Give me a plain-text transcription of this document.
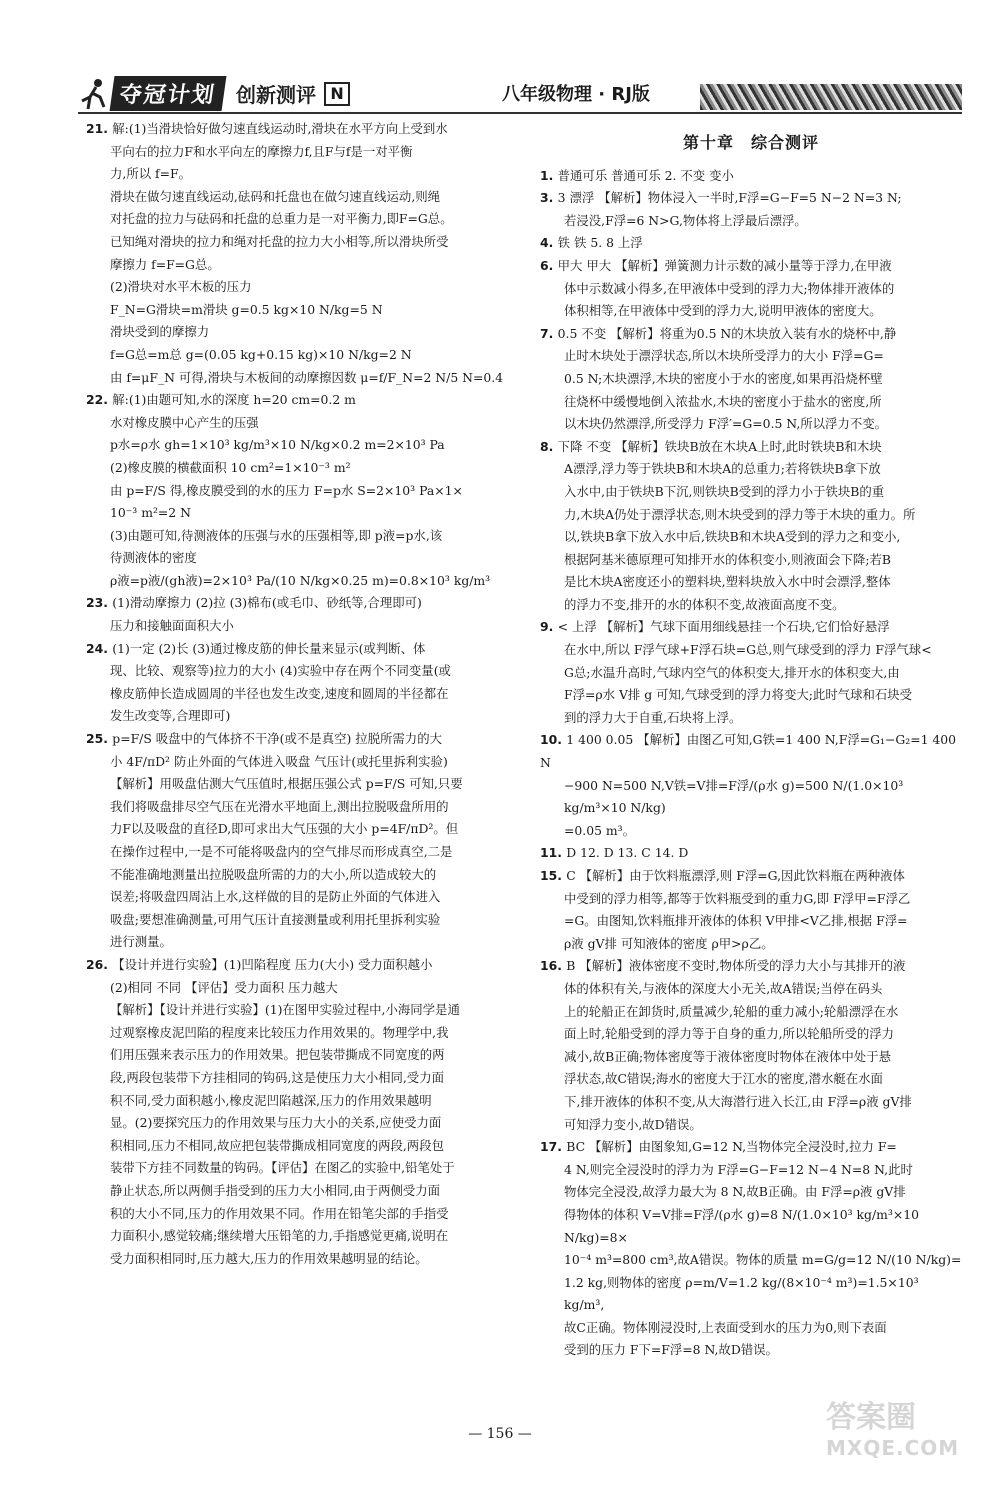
夺冠计划 创新测评 N	八年级物理 · RJ版
21. 解:(1)当滑块恰好做匀速直线运动时,滑块在水平方向上受到水
平向右的拉力F和水平向左的摩擦力f,且F与f是一对平衡
力,所以 f=F。
滑块在做匀速直线运动,砝码和托盘也在做匀速直线运动,则绳
对托盘的拉力与砝码和托盘的总重力是一对平衡力,即F=G总。
已知绳对滑块的拉力和绳对托盘的拉力大小相等,所以滑块所受
摩擦力 f=F=G总。
(2)滑块对水平木板的压力
F_N=G滑块=m滑块 g=0.5 kg×10 N/kg=5 N
滑块受到的摩擦力
f=G总=m总 g=(0.05 kg+0.15 kg)×10 N/kg=2 N
由 f=μF_N 可得,滑块与木板间的动摩擦因数 μ=f/F_N=2 N/5 N=0.4
22. 解:(1)由题可知,水的深度 h=20 cm=0.2 m
水对橡皮膜中心产生的压强
p水=ρ水 gh=1×10³ kg/m³×10 N/kg×0.2 m=2×10³ Pa
(2)橡皮膜的横截面积 10 cm²=1×10⁻³ m²
由 p=F/S 得,橡皮膜受到的水的压力 F=p水 S=2×10³ Pa×1×
10⁻³ m²=2 N
(3)由题可知,待测液体的压强与水的压强相等,即 p液=p水,该
待测液体的密度
ρ液=p液/(gh液)=2×10³ Pa/(10 N/kg×0.25 m)=0.8×10³ kg/m³
23. (1)滑动摩擦力 (2)拉 (3)棉布(或毛巾、砂纸等,合理即可)
压力和接触面面积大小
24. (1)一定 (2)长 (3)通过橡皮筋的伸长量来显示(或判断、体
现、比较、观察等)拉力的大小 (4)实验中存在两个不同变量(或
橡皮筋伸长造成圆周的半径也发生改变,速度和圆周的半径都在
发生改变等,合理即可)
25. p=F/S 吸盘中的气体挤不干净(或不是真空) 拉脱所需力的大
小 4F/πD² 防止外面的气体进入吸盘 气压计(或托里拆利实验)
【解析】用吸盘估测大气压值时,根据压强公式 p=F/S 可知,只要
我们将吸盘排尽空气压在光滑水平地面上,测出拉脱吸盘所用的
力F以及吸盘的直径D,即可求出大气压强的大小 p=4F/πD²。但
在操作过程中,一是不可能将吸盘内的空气排尽而形成真空,二是
不能准确地测量出拉脱吸盘所需的力的大小,所以造成较大的
误差;将吸盘四周沾上水,这样做的目的是防止外面的气体进入
吸盘;要想准确测量,可用气压计直接测量或利用托里拆利实验
进行测量。
26. 【设计并进行实验】(1)凹陷程度 压力(大小) 受力面积越小
(2)相同 不同 【评估】受力面积 压力越大
【解析】【设计并进行实验】(1)在图甲实验过程中,小海同学是通
过观察橡皮泥凹陷的程度来比较压力作用效果的。物理学中,我
们用压强来表示压力的作用效果。把包装带撕成不同宽度的两
段,两段包装带下方挂相同的钩码,这是使压力大小相同,受力面
积不同,受力面积越小,橡皮泥凹陷越深,压力的作用效果越明
显。(2)要探究压力的作用效果与压力大小的关系,应使受力面
积相同,压力不相同,故应把包装带撕成相同宽度的两段,两段包
装带下方挂不同数量的钩码。【评估】在图乙的实验中,铅笔处于
静止状态,所以两侧手指受到的压力大小相同,由于两侧受力面
积的大小不同,压力的作用效果不同。作用在铅笔尖部的手指受
力面积小,感觉较痛;继续增大压铅笔的力,手指感觉更痛,说明在
受力面积相同时,压力越大,压力的作用效果越明显的结论。
第十章　综合测评
1. 普通可乐 普通可乐 2. 不变 变小
3. 3 漂浮 【解析】物体浸入一半时,F浮=G−F=5 N−2 N=3 N;
若浸没,F浮=6 N>G,物体将上浮最后漂浮。
4. 铁 铁 5. 8 上浮
6. 甲大 甲大 【解析】弹簧测力计示数的减小量等于浮力,在甲液
体中示数减小得多,在甲液体中受到的浮力大;物体排开液体的
体积相等,在甲液体中受到的浮力大,说明甲液体的密度大。
7. 0.5 不变 【解析】将重为0.5 N的木块放入装有水的烧杯中,静
止时木块处于漂浮状态,所以木块所受浮力的大小 F浮=G=
0.5 N;木块漂浮,木块的密度小于水的密度,如果再沿烧杯壁
往烧杯中缓慢地倒入浓盐水,木块的密度小于盐水的密度,所
以木块仍然漂浮,所受浮力 F浮′=G=0.5 N,所以浮力不变。
8. 下降 不变 【解析】铁块B放在木块A上时,此时铁块B和木块
A漂浮,浮力等于铁块B和木块A的总重力;若将铁块B拿下放
入水中,由于铁块B下沉,则铁块B受到的浮力小于铁块B的重
力,木块A仍处于漂浮状态,则木块受到的浮力等于木块的重力。所
以,铁块B拿下放入水中后,铁块B和木块A受到的浮力之和变小,
根据阿基米德原理可知排开水的体积变小,则液面会下降;若B
是比木块A密度还小的塑料块,塑料块放入水中时会漂浮,整体
的浮力不变,排开的水的体积不变,故液面高度不变。
9. < 上浮 【解析】气球下面用细线悬挂一个石块,它们恰好悬浮
在水中,所以 F浮气球+F浮石块=G总,则气球受到的浮力 F浮气球<
G总;水温升高时,气球内空气的体积变大,排开水的体积变大,由
F浮=ρ水 V排 g 可知,气球受到的浮力将变大;此时气球和石块受
到的浮力大于自重,石块将上浮。
10. 1 400 0.05 【解析】由图乙可知,G铁=1 400 N,F浮=G₁−G₂=1 400 N
−900 N=500 N,V铁=V排=F浮/(ρ水 g)=500 N/(1.0×10³ kg/m³×10 N/kg)
=0.05 m³。
11. D 12. D 13. C 14. D
15. C 【解析】由于饮料瓶漂浮,则 F浮=G,因此饮料瓶在两种液体
中受到的浮力相等,都等于饮料瓶受到的重力G,即 F浮甲=F浮乙
=G。由图知,饮料瓶排开液体的体积 V甲排<V乙排,根据 F浮=
ρ液 gV排 可知液体的密度 ρ甲>ρ乙。
16. B 【解析】液体密度不变时,物体所受的浮力大小与其排开的液
体的体积有关,与液体的深度大小无关,故A错误;当停在码头
上的轮船正在卸货时,质量减少,轮船的重力减小;轮船漂浮在水
面上时,轮船受到的浮力等于自身的重力,所以轮船所受的浮力
减小,故B正确;物体密度等于液体密度时物体在液体中处于悬
浮状态,故C错误;海水的密度大于江水的密度,潜水艇在水面
下,排开液体的体积不变,从大海潜行进入长江,由 F浮=ρ液 gV排
可知浮力变小,故D错误。
17. BC 【解析】由图象知,G=12 N,当物体完全浸没时,拉力 F=
4 N,则完全浸没时的浮力为 F浮=G−F=12 N−4 N=8 N,此时
物体完全浸没,故浮力最大为 8 N,故B正确。由 F浮=ρ液 gV排
得物体的体积 V=V排=F浮/(ρ水 g)=8 N/(1.0×10³ kg/m³×10 N/kg)=8×
10⁻⁴ m³=800 cm³,故A错误。物体的质量 m=G/g=12 N/(10 N/kg)=
1.2 kg,则物体的密度 ρ=m/V=1.2 kg/(8×10⁻⁴ m³)=1.5×10³ kg/m³,
故C正确。物体刚浸没时,上表面受到水的压力为0,则下表面
受到的压力 F下=F浮=8 N,故D错误。
— 156 —	答案圈
MXQE.COM
